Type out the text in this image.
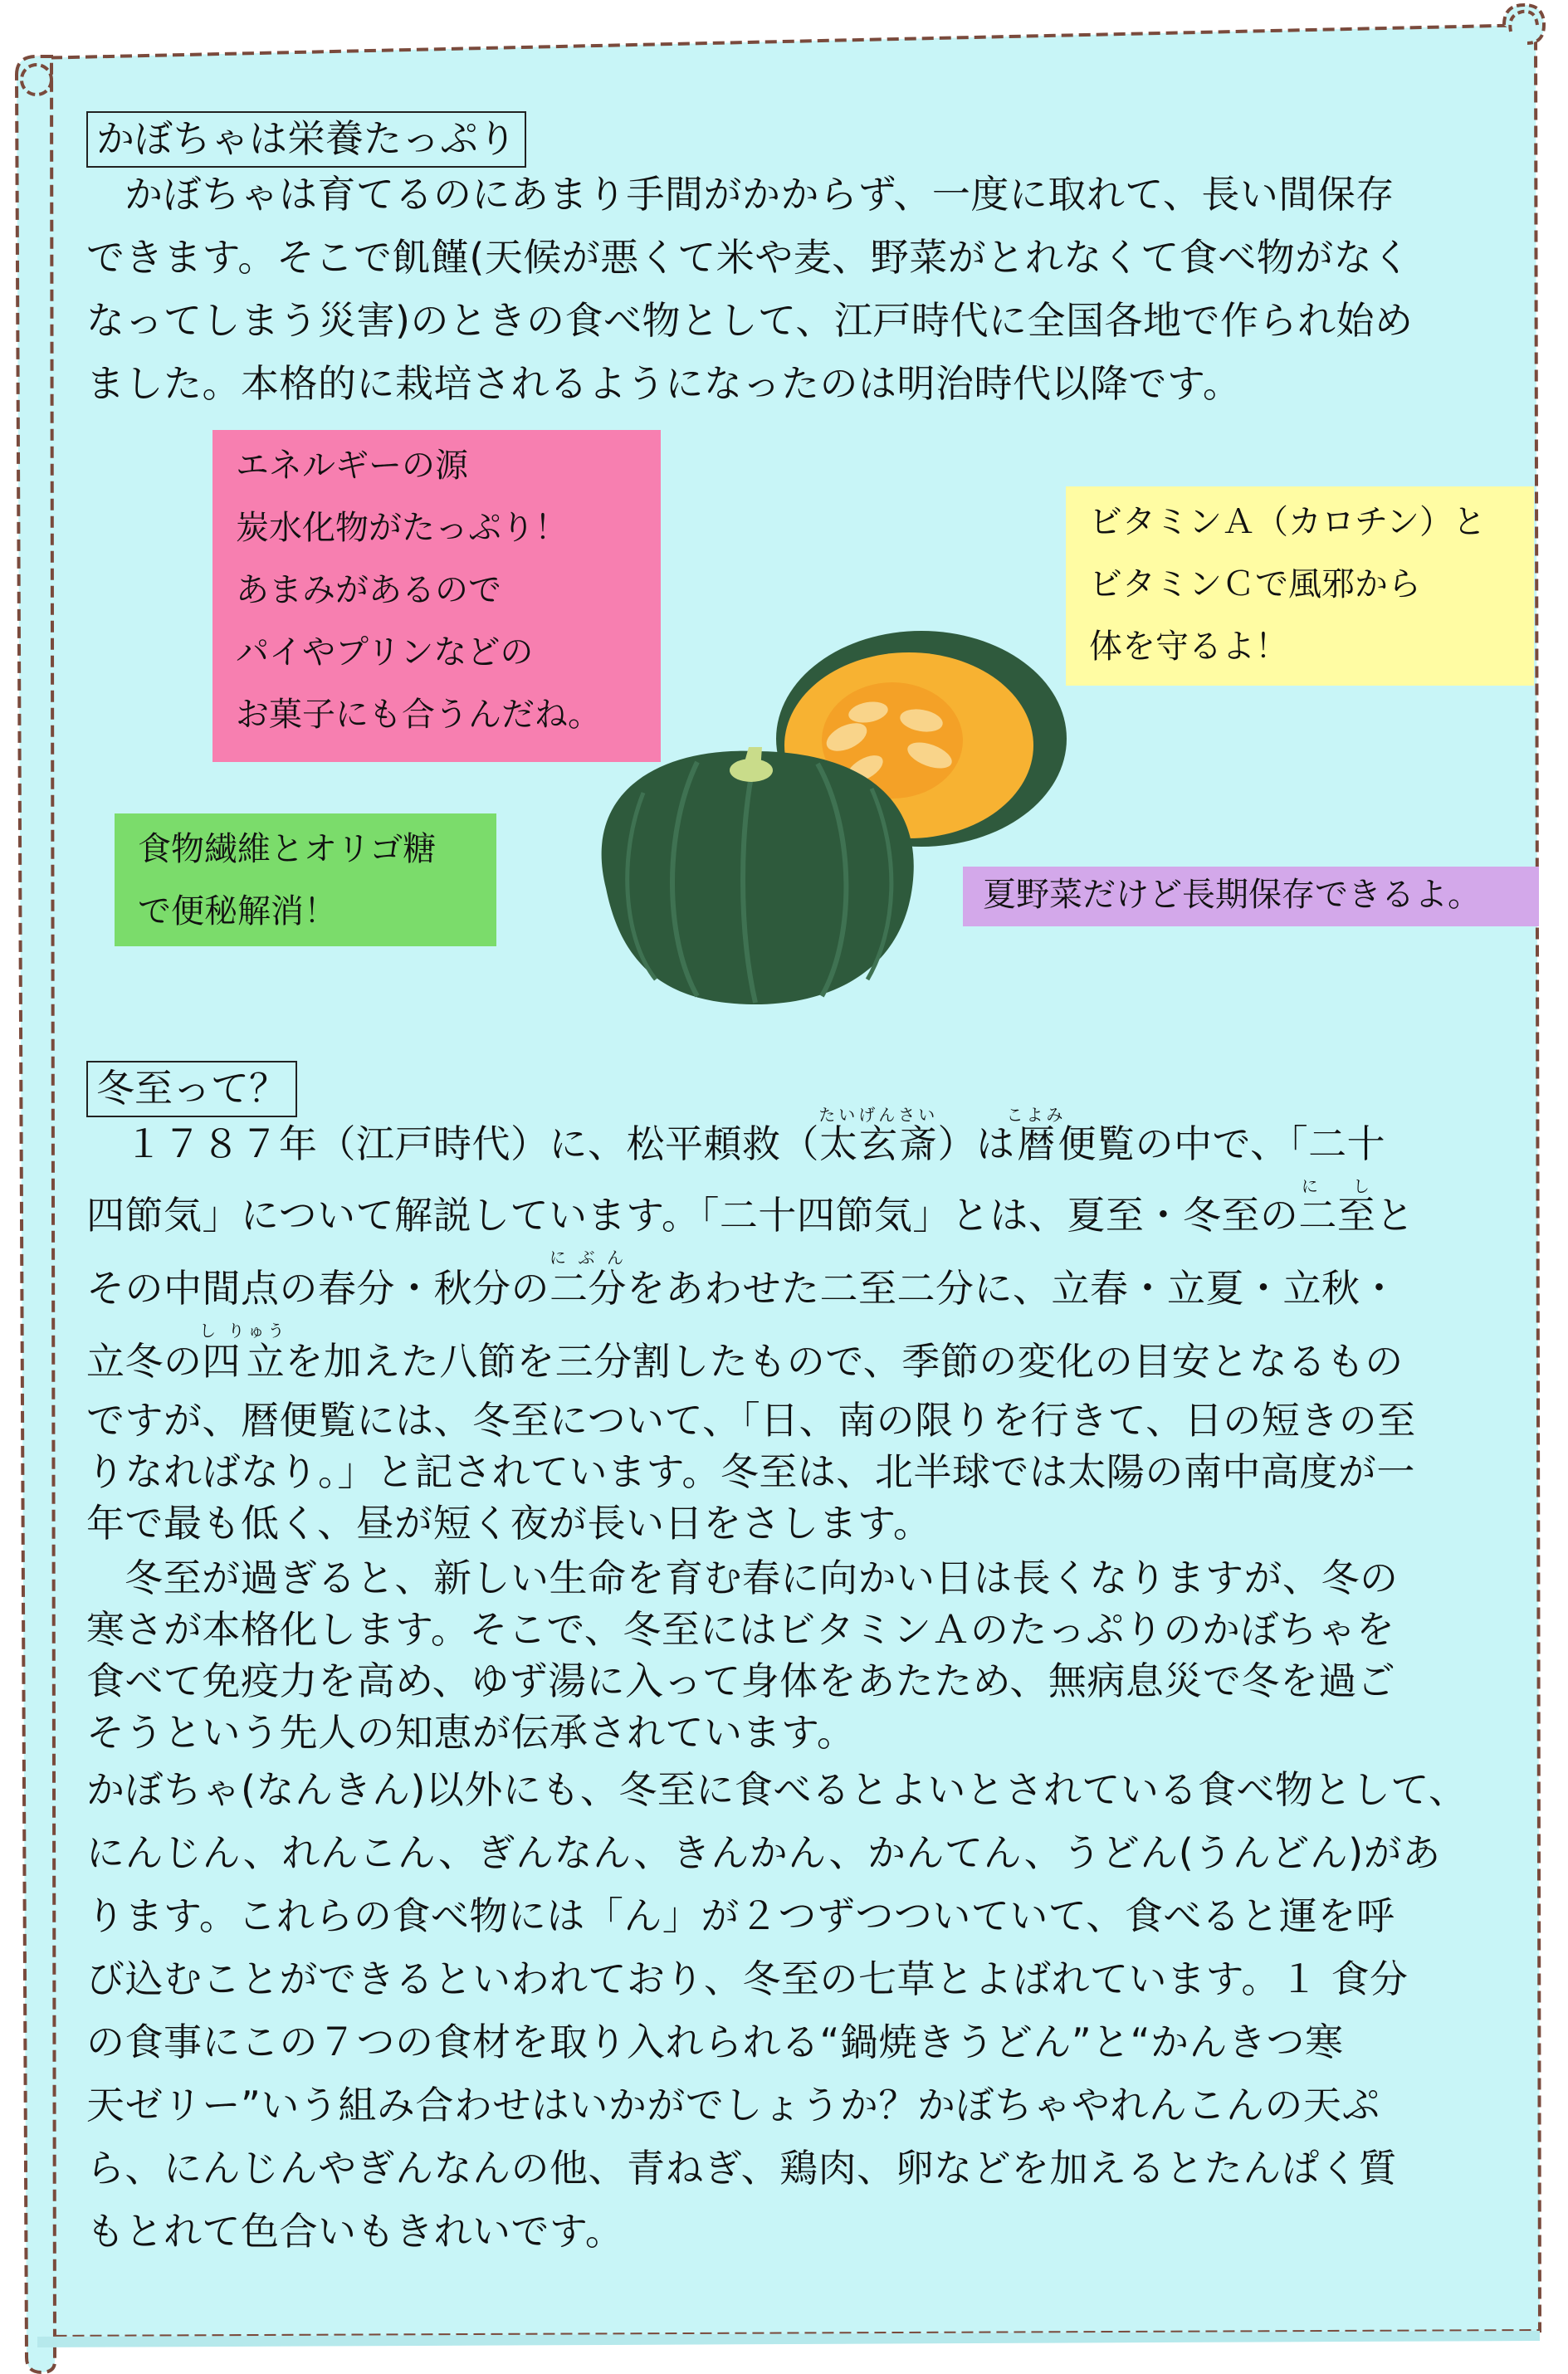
かぼちゃは栄養たっぷり
かぼちゃは育てるのにあまり手間がかからず、一度に取れて、長い間保存
できます。そこで飢饉(天候が悪くて米や麦、野菜がとれなくて食べ物がなく
なってしまう災害)のときの食べ物として、江戸時代に全国各地で作られ始め
ました。本格的に栽培されるようになったのは明治時代以降です。
エネルギーの源
炭水化物がたっぷり！
あまみがあるので
パイやプリンなどの
お菓子にも合うんだね。
ビタミンＡ（カロチン）と
ビタミンＣで風邪から
体を守るよ！
食物繊維とオリゴ糖
で便秘解消！	夏野菜だけど長期保存できるよ。
冬至って？
１７８７年（江戸時代）に、松平頼救（太玄斎たいげんさい）は暦こよみ便覧の中で、「二十
四節気」について解説しています。「二十四節気」とは、夏至・冬至の二至に　しと
その中間点の春分・秋分の二分に ぶ んをあわせた二至二分に、立春・立夏・立秋・
立冬の四立し りゅうを加えた八節を三分割したもので、季節の変化の目安となるもの
ですが、暦便覧には、冬至について、「日、南の限りを行きて、日の短きの至
りなればなり。」と記されています。冬至は、北半球では太陽の南中高度が一
年で最も低く、昼が短く夜が長い日をさします。
冬至が過ぎると、新しい生命を育む春に向かい日は長くなりますが、冬の
寒さが本格化します。そこで、冬至にはビタミンＡのたっぷりのかぼちゃを
食べて免疫力を高め、ゆず湯に入って身体をあたため、無病息災で冬を過ご
そうという先人の知恵が伝承されています。
かぼちゃ(なんきん)以外にも、冬至に食べるとよいとされている食べ物として、
にんじん、れんこん、ぎんなん、きんかん、かんてん、うどん(うんどん)があ
ります。これらの食べ物には「ん」が２つずつついていて、食べると運を呼
び込むことができるといわれており、冬至の七草とよばれています。１ 食分
の食事にこの７つの食材を取り入れられる“鍋焼きうどん”と“かんきつ寒
天ゼリー”いう組み合わせはいかがでしょうか？かぼちゃやれんこんの天ぷ
ら、にんじんやぎんなんの他、青ねぎ、鶏肉、卵などを加えるとたんぱく質
もとれて色合いもきれいです。
